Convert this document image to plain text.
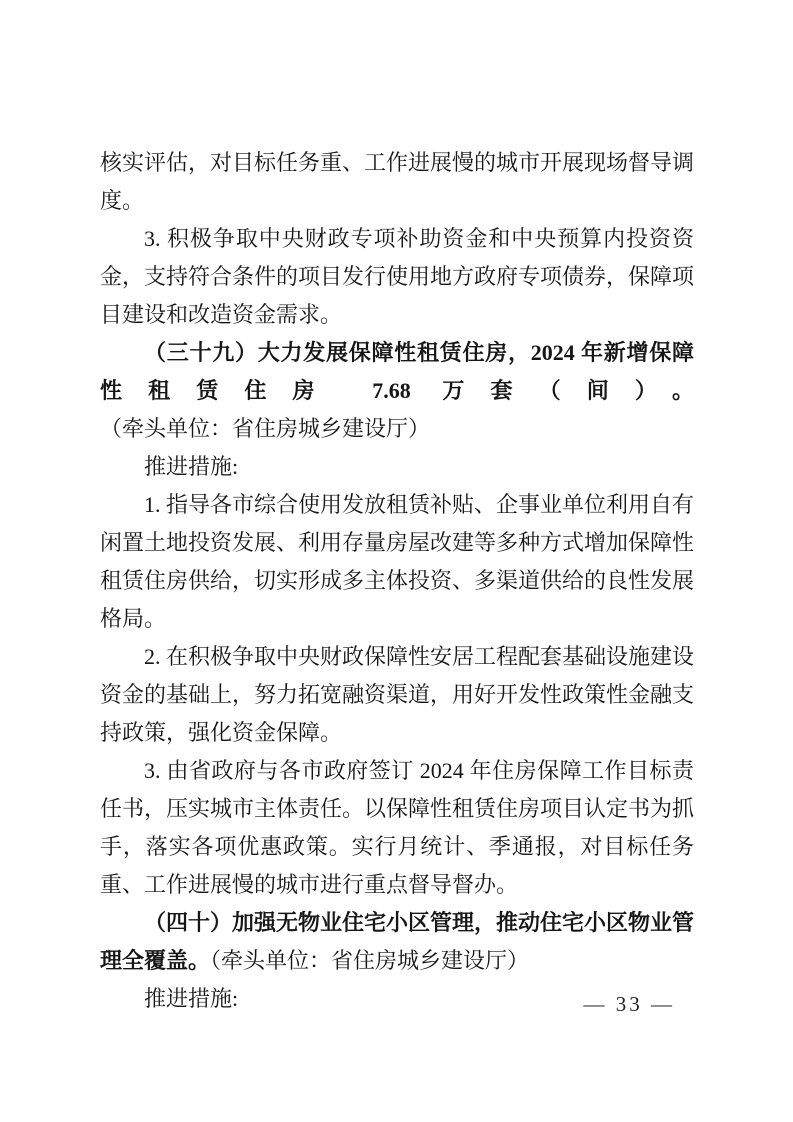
核实评估，对目标任务重、工作进展慢的城市开展现场督导调度。

3. 积极争取中央财政专项补助资金和中央预算内投资资金，支持符合条件的项目发行使用地方政府专项债券，保障项目建设和改造资金需求。

（三十九）大力发展保障性租赁住房，2024 年新增保障性租赁住房 7.68 万套（间）。（牵头单位：省住房城乡建设厅）

推进措施:

1. 指导各市综合使用发放租赁补贴、企事业单位利用自有闲置土地投资发展、利用存量房屋改建等多种方式增加保障性租赁住房供给，切实形成多主体投资、多渠道供给的良性发展格局。

2. 在积极争取中央财政保障性安居工程配套基础设施建设资金的基础上，努力拓宽融资渠道，用好开发性政策性金融支持政策，强化资金保障。

3. 由省政府与各市政府签订 2024 年住房保障工作目标责任书，压实城市主体责任。以保障性租赁住房项目认定书为抓手，落实各项优惠政策。实行月统计、季通报，对目标任务重、工作进展慢的城市进行重点督导督办。

（四十）加强无物业住宅小区管理，推动住宅小区物业管理全覆盖。（牵头单位：省住房城乡建设厅）

推进措施:	— 33 —
